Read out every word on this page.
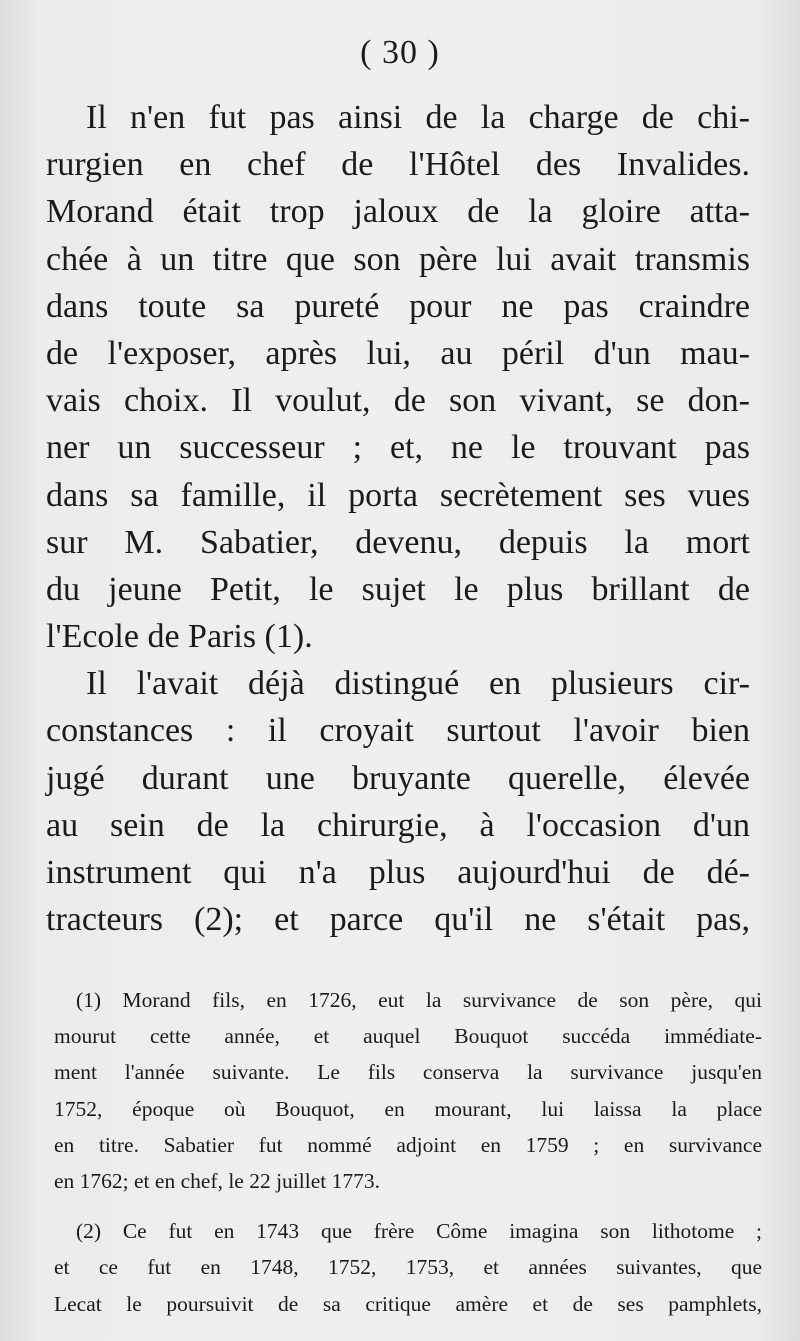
( 30 )
Il n'en fut pas ainsi de la charge de chi-
rurgien en chef de l'Hôtel des Invalides.
Morand était trop jaloux de la gloire atta-
chée à un titre que son père lui avait transmis
dans toute sa pureté pour ne pas craindre
de l'exposer, après lui, au péril d'un mau-
vais choix. Il voulut, de son vivant, se don-
ner un successeur ; et, ne le trouvant pas
dans sa famille, il porta secrètement ses vues
sur M. Sabatier, devenu, depuis la mort
du jeune Petit, le sujet le plus brillant de
l'Ecole de Paris (1).
Il l'avait déjà distingué en plusieurs cir-
constances : il croyait surtout l'avoir bien
jugé durant une bruyante querelle, élevée
au sein de la chirurgie, à l'occasion d'un
instrument qui n'a plus aujourd'hui de dé-
tracteurs (2); et parce qu'il ne s'était pas,
(1) Morand fils, en 1726, eut la survivance de son père, qui
mourut cette année, et auquel Bouquot succéda immédiate-
ment l'année suivante. Le fils conserva la survivance jusqu'en
1752, époque où Bouquot, en mourant, lui laissa la place
en titre. Sabatier fut nommé adjoint en 1759 ; en survivance
en 1762; et en chef, le 22 juillet 1773.
(2) Ce fut en 1743 que frère Côme imagina son lithotome ;
et ce fut en 1748, 1752, 1753, et années suivantes, que
Lecat le poursuivit de sa critique amère et de ses pamphlets,
